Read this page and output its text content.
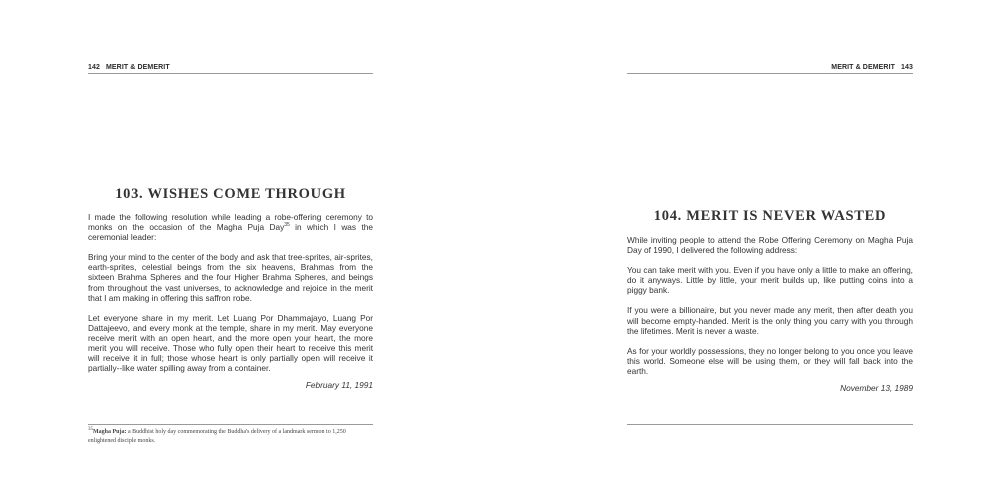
142 MERIT & DEMERIT
103. WISHES COME THROUGH

I made the following resolution while leading a robe-offering ceremony to monks on the occasion of the Magha Puja Day$^{35}$ in which I was the ceremonial leader:

Bring your mind to the center of the body and ask that tree-sprites, air-sprites, earth-sprites, celestial beings from the six heavens, Brahmas from the sixteen Brahma Spheres and the four Higher Brahma Spheres, and beings from throughout the vast universes, to acknowledge and rejoice in the merit that I am making in offering this saffron robe.

Let everyone share in my merit. Let Luang Por Dhammajayo, Luang Por Dattajeevo, and every monk at the temple, share in my merit. May everyone receive merit with an open heart, and the more open your heart, the more merit you will receive. Those who fully open their heart to receive this merit will receive it in full; those whose heart is only partially open will receive it partially--like water spilling away from a container.

February 11, 1991
$^{35}$Magha Puja: a Buddhist holy day commemorating the Buddha's delivery of a landmark sermon to 1,250 enlightened disciple monks.
MERIT & DEMERIT 143
104. MERIT IS NEVER WASTED

While inviting people to attend the Robe Offering Ceremony on Magha Puja Day of 1990, I delivered the following address:

You can take merit with you. Even if you have only a little to make an offering, do it anyways. Little by little, your merit builds up, like putting coins into a piggy bank.

If you were a billionaire, but you never made any merit, then after death you will become empty-handed. Merit is the only thing you carry with you through the lifetimes. Merit is never a waste.

As for your worldly possessions, they no longer belong to you once you leave this world. Someone else will be using them, or they will fall back into the earth.

November 13, 1989
